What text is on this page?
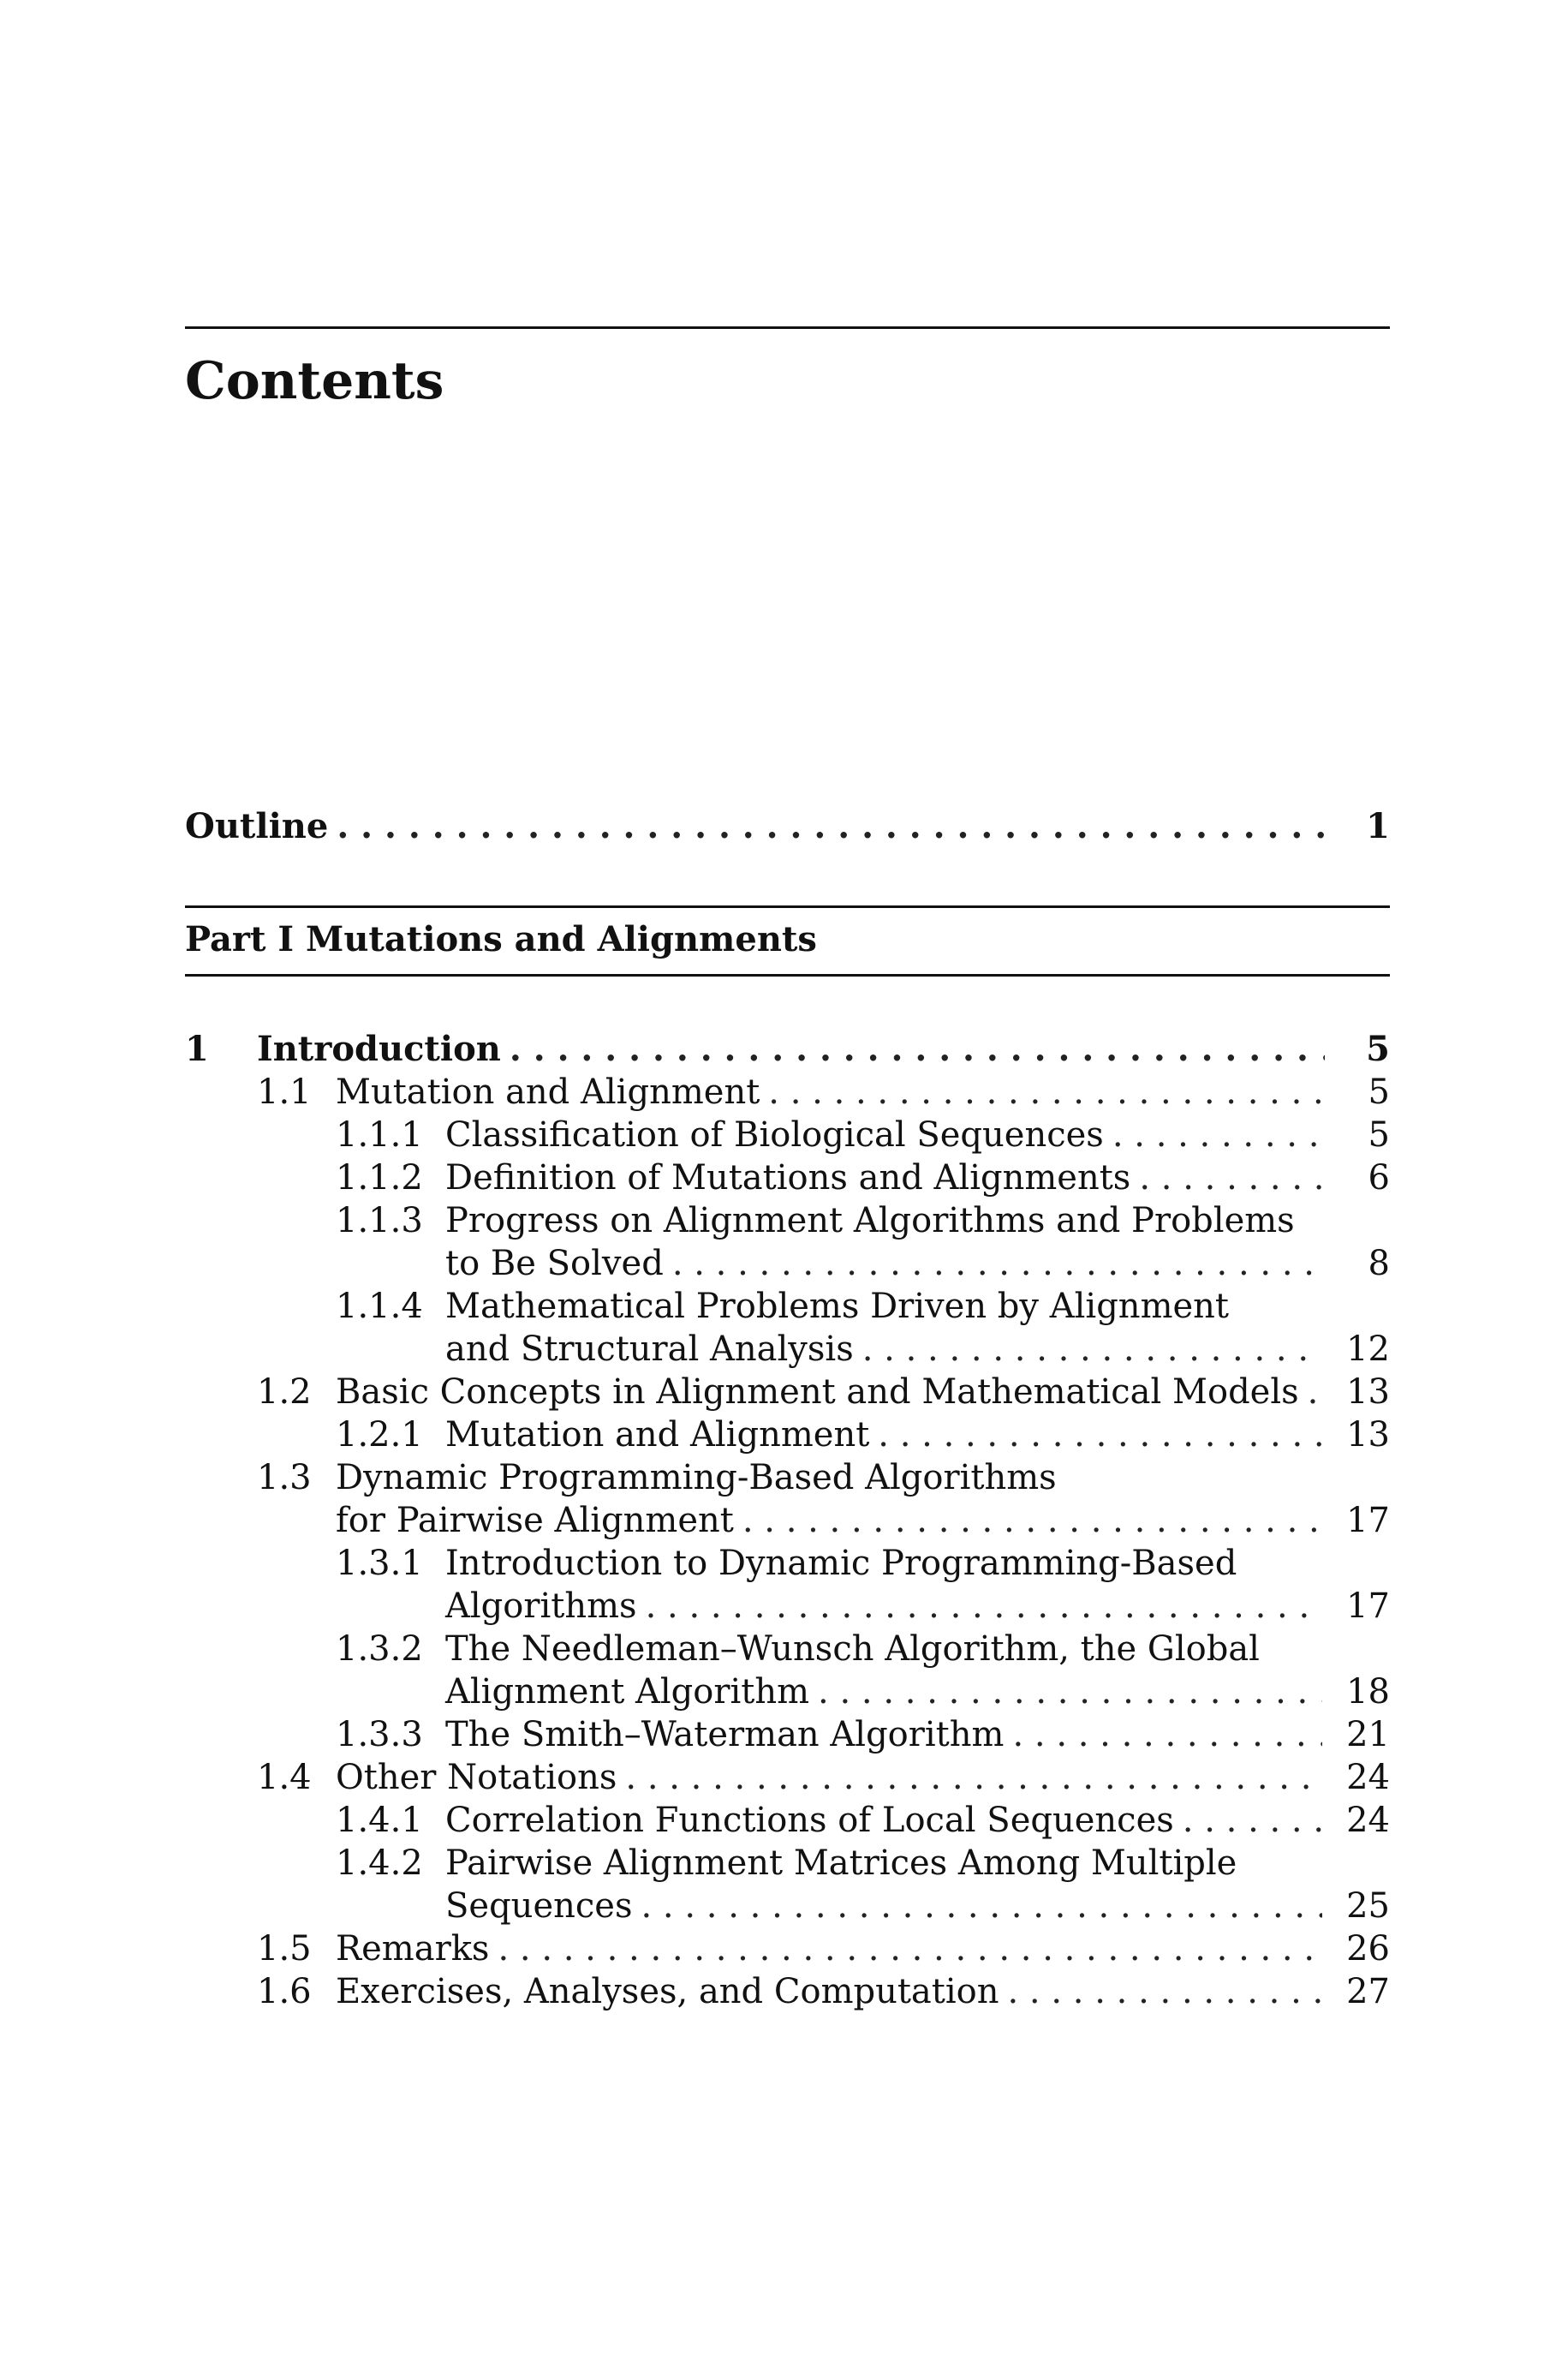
Contents
Outline . . .	1
Part I Mutations and Alignments
1 Introduction . . .	5
1.1 Mutation and Alignment . . .	5
1.1.1 Classification of Biological Sequences . . .	5
1.1.2 Definition of Mutations and Alignments . . .	6
1.1.3 Progress on Alignment Algorithms and Problems
to Be Solved . . .	8
1.1.4 Mathematical Problems Driven by Alignment
and Structural Analysis . . .	12
1.2 Basic Concepts in Alignment and Mathematical Models . . . 13
1.2.1 Mutation and Alignment . . .	13
1.3 Dynamic Programming-Based Algorithms
for Pairwise Alignment . . .	17
1.3.1 Introduction to Dynamic Programming-Based
Algorithms . . .	17
1.3.2 The Needleman–Wunsch Algorithm, the Global
Alignment Algorithm . . .	18
1.3.3 The Smith–Waterman Algorithm . . .	21
1.4 Other Notations . . .	24
1.4.1 Correlation Functions of Local Sequences . . .	24
1.4.2 Pairwise Alignment Matrices Among Multiple
Sequences . . .	25
1.5 Remarks . . .	26
1.6 Exercises, Analyses, and Computation . . .	27
